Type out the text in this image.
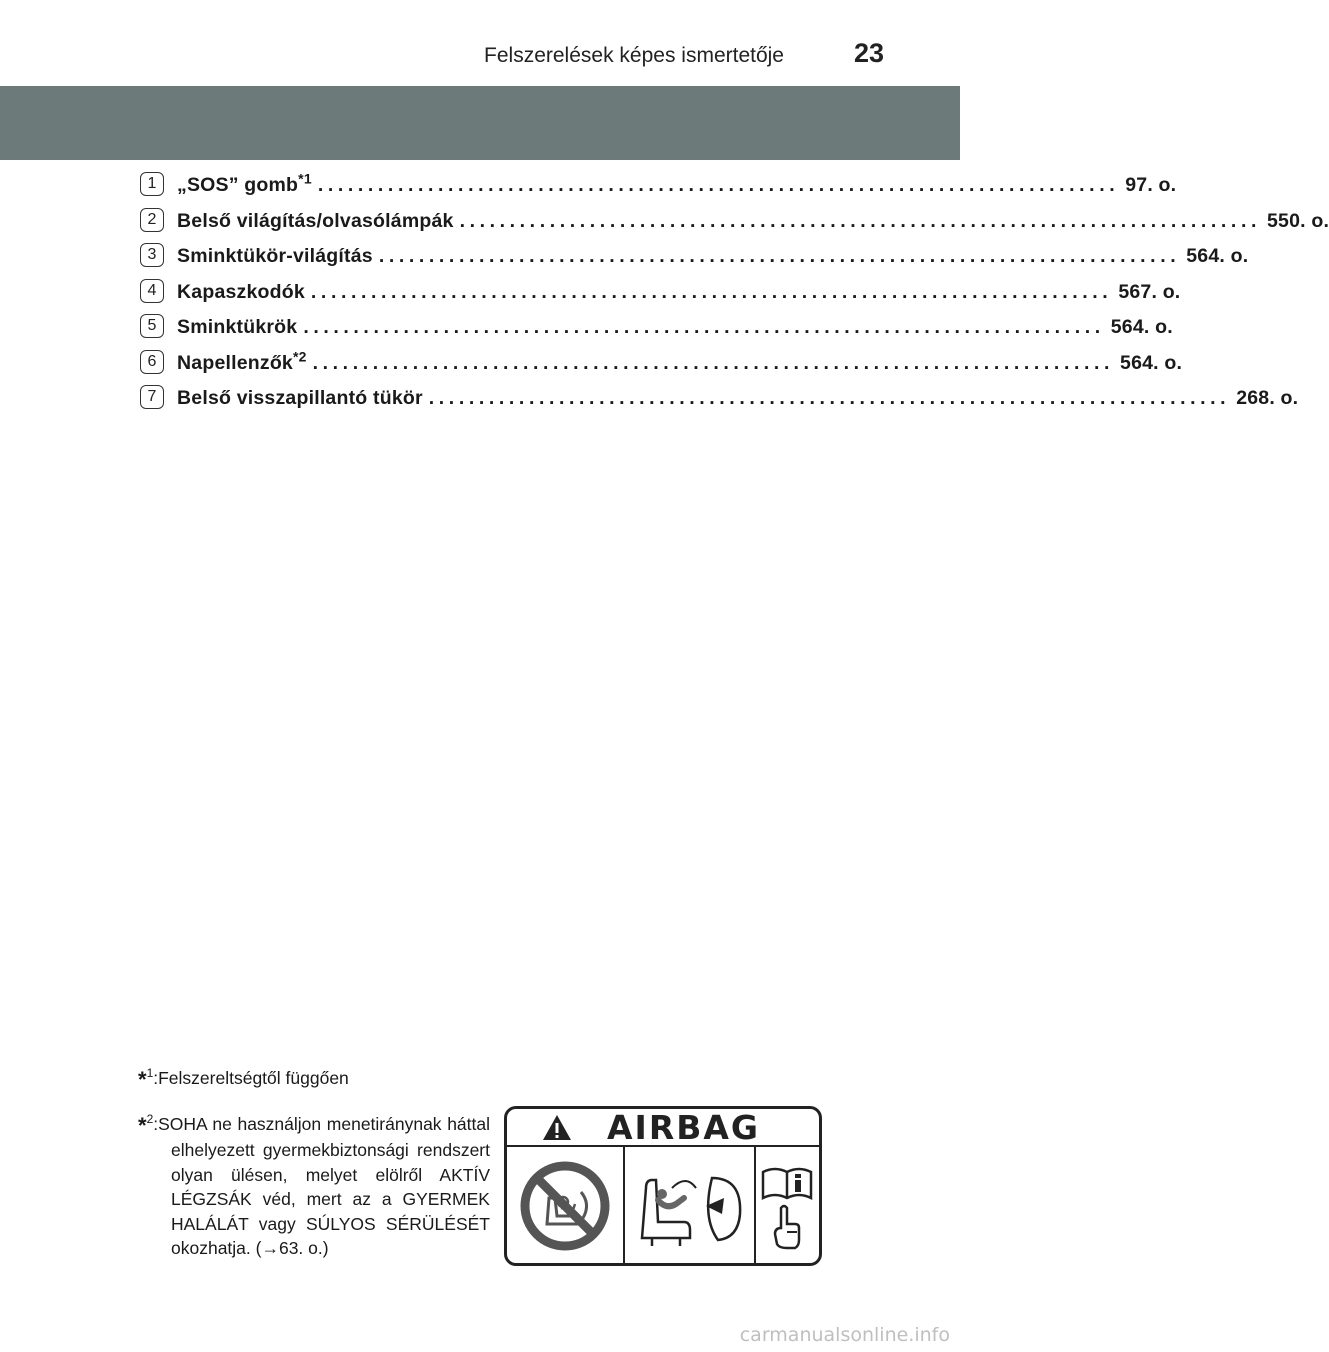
Felszerelések képes ismertetője	23
1	„SOS” gomb$^{*1}$ ................................................................................ 97. o.
2	Belső világítás/olvasólámpák ................................................................................ 550. o.
3	Sminktükör-világítás ................................................................................ 564. o.
4	Kapaszkodók ................................................................................ 567. o.
5	Sminktükrök ................................................................................ 564. o.
6	Napellenzők$^{*2}$ ................................................................................ 564. o.
7	Belső visszapillantó tükör ................................................................................ 268. o.
*$^1$:Felszereltségtől függően
*$^2$:SOHA ne használjon menetiránynak háttal elhelyezett gyermekbiztonsági rendszert olyan ülésen, melyet elölről AKTÍV LÉGZSÁK véd, mert az a GYERMEK HALÁLÁT vagy SÚLYOS SÉRÜLÉSÉT okozhatja. (→63. o.)
AIRBAG
carmanualsonline.info
